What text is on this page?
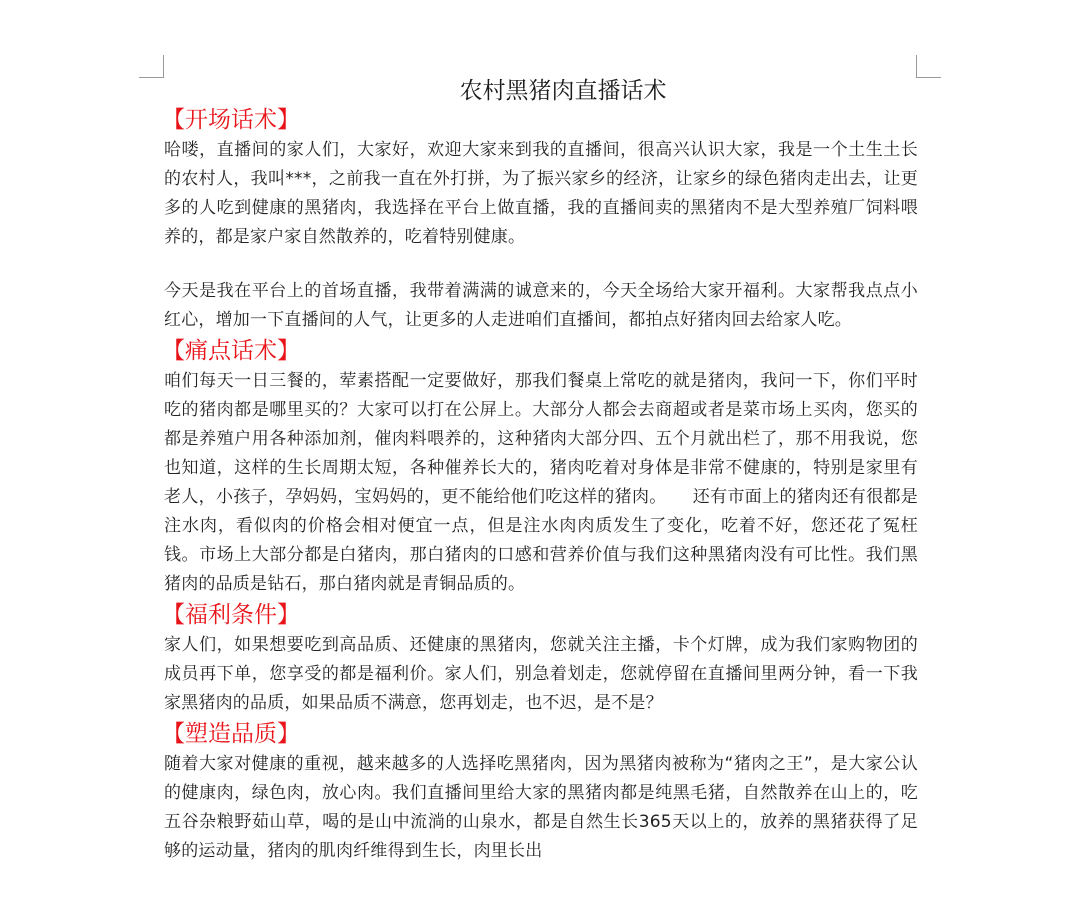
农村黑猪肉直播话术
【开场话术】
哈喽，直播间的家人们，大家好，欢迎大家来到我的直播间，很高兴认识大家，我是一个土生土长的农村人，我叫***，之前我一直在外打拼，为了振兴家乡的经济，让家乡的绿色猪肉走出去，让更多的人吃到健康的黑猪肉，我选择在平台上做直播，我的直播间卖的黑猪肉不是大型养殖厂饲料喂养的，都是家户家自然散养的，吃着特别健康。
今天是我在平台上的首场直播，我带着满满的诚意来的，今天全场给大家开福利。大家帮我点点小红心，增加一下直播间的人气，让更多的人走进咱们直播间，都拍点好猪肉回去给家人吃。
【痛点话术】
咱们每天一日三餐的，荤素搭配一定要做好，那我们餐桌上常吃的就是猪肉，我问一下，你们平时吃的猪肉都是哪里买的？大家可以打在公屏上。大部分人都会去商超或者是菜市场上买肉，您买的都是养殖户用各种添加剂，催肉料喂养的，这种猪肉大部分四、五个月就出栏了，那不用我说，您也知道，这样的生长周期太短，各种催养长大的，猪肉吃着对身体是非常不健康的，特别是家里有老人，小孩子，孕妈妈，宝妈妈的，更不能给他们吃这样的猪肉。　　还有市面上的猪肉还有很都是注水肉，看似肉的价格会相对便宜一点，但是注水肉肉质发生了变化，吃着不好，您还花了冤枉钱。市场上大部分都是白猪肉，那白猪肉的口感和营养价值与我们这种黑猪肉没有可比性。我们黑猪肉的品质是钻石，那白猪肉就是青铜品质的。
【福利条件】
家人们，如果想要吃到高品质、还健康的黑猪肉，您就关注主播，卡个灯牌，成为我们家购物团的成员再下单，您享受的都是福利价。家人们，别急着划走，您就停留在直播间里两分钟，看一下我家黑猪肉的品质，如果品质不满意，您再划走，也不迟，是不是？
【塑造品质】
随着大家对健康的重视，越来越多的人选择吃黑猪肉，因为黑猪肉被称为“猪肉之王”，是大家公认的健康肉，绿色肉，放心肉。我们直播间里给大家的黑猪肉都是纯黑毛猪，自然散养在山上的，吃五谷杂粮野茹山草，喝的是山中流淌的山泉水，都是自然生长365天以上的，放养的黑猪获得了足够的运动量，猪肉的肌肉纤维得到生长，肉里长出
